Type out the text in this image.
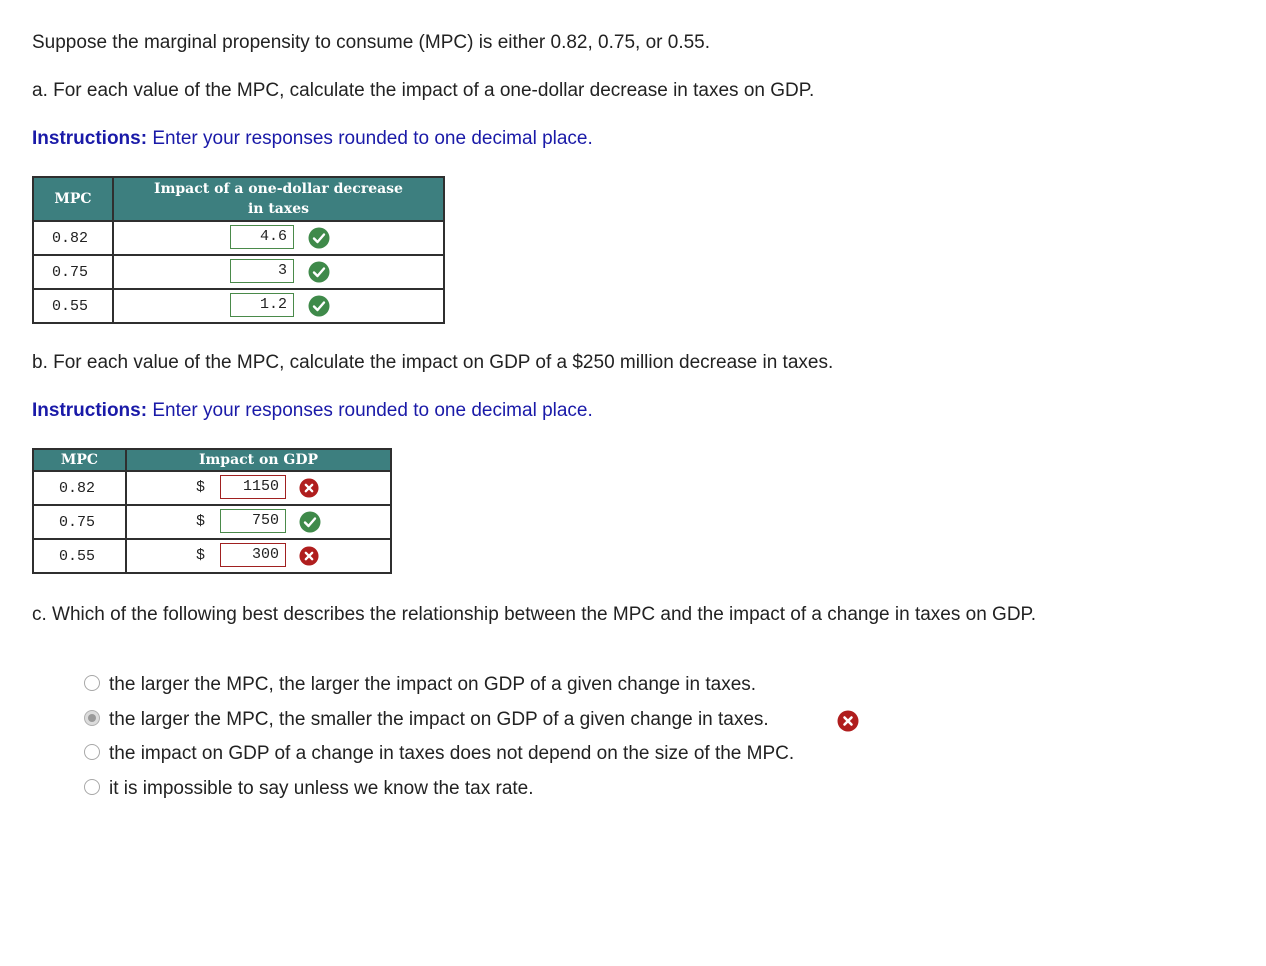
Suppose the marginal propensity to consume (MPC) is either 0.82, 0.75, or 0.55.
a. For each value of the MPC, calculate the impact of a one-dollar decrease in taxes on GDP.
Instructions: Enter your responses rounded to one decimal place.
MPC	Impact of a one-dollar decrease
in taxes

0.82	4.6

0.75	3

0.55	1.2
b. For each value of the MPC, calculate the impact on GDP of a $250 million decrease in taxes.
Instructions: Enter your responses rounded to one decimal place.
MPC	Impact on GDP
0.82	$ 1150

0.75	$ 750

0.55	$ 300
c. Which of the following best describes the relationship between the MPC and the impact of a change in taxes on GDP.
the larger the MPC, the larger the impact on GDP of a given change in taxes.
the larger the MPC, the smaller the impact on GDP of a given change in taxes.
the impact on GDP of a change in taxes does not depend on the size of the MPC.
it is impossible to say unless we know the tax rate.
